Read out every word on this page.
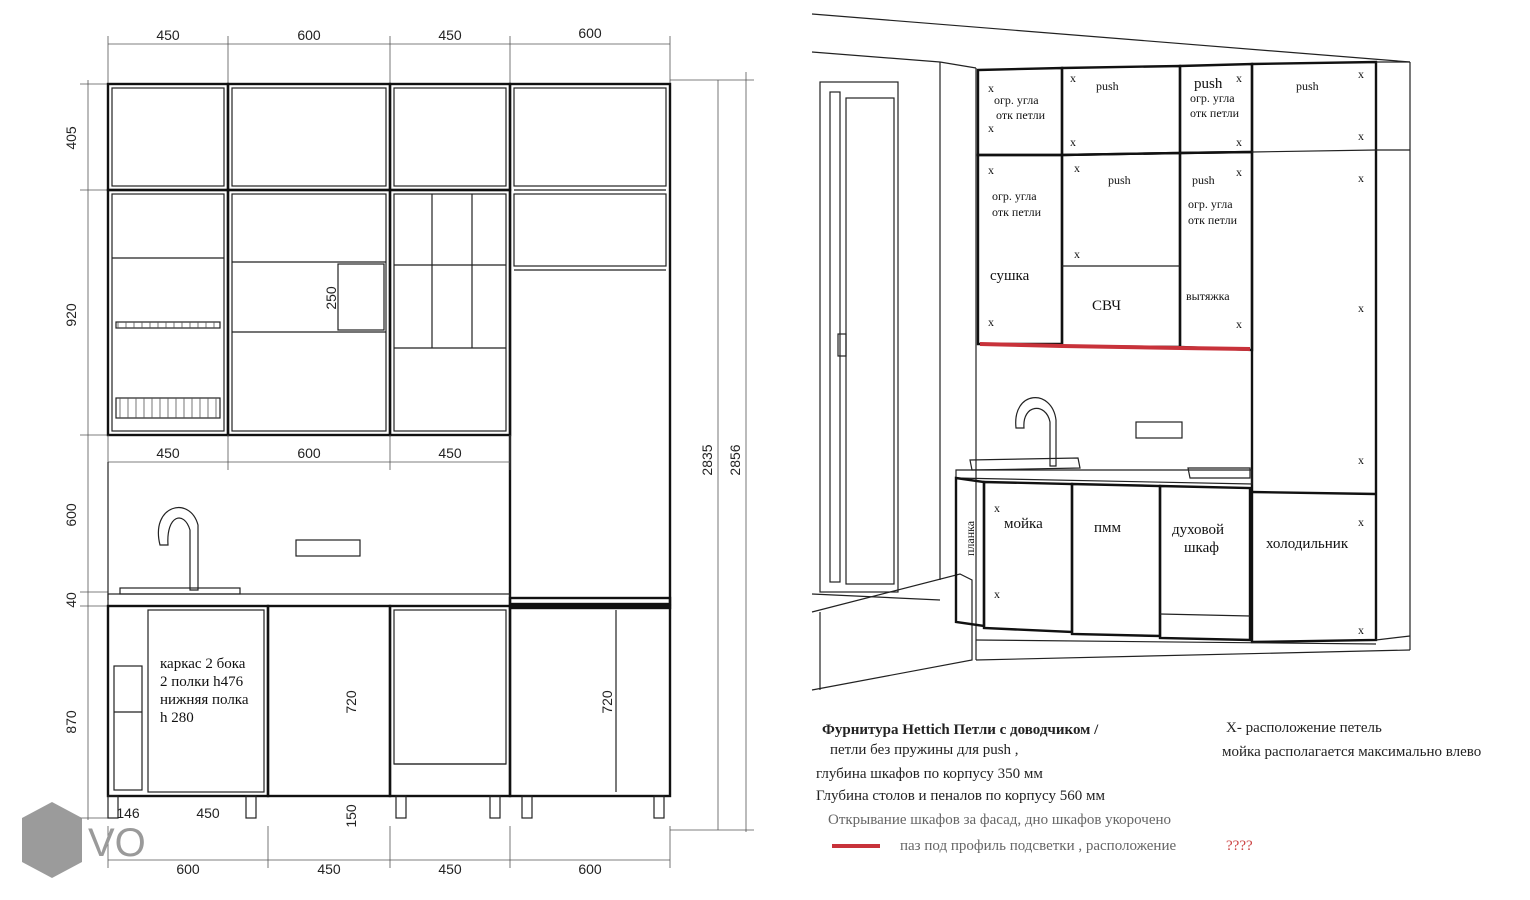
450	600	450	600
405
920
600
40
870
2835 2856
250
450	600	450
каркас 2 бока
2 полки h476
нижняя полка
h 280
720	720
150
146	450
600	450	450	600
VO
x
огр. угла
отк петли
x
x
push
x
push x
огр. угла
отк петли
x
push
x
x
x
огр. угла
отк петли
сушка
x
x
push
x
СВЧ
push
x
огр. угла
отк петли
вытяжка
x
x
x
x
планка
x
мойка
x
пмм	духовой
шкаф	холодильник
x
x
Фурнитура Hettich Петли с доводчиком /
петли без пружины для push ,
глубина шкафов по корпусу 350 мм
Глубина столов и пеналов по корпусу 560 мм
Открывание шкафов за фасад, дно шкафов укорочено
паз под профиль подсветки , расположение	????
X- расположение петель
мойка располагается максимально влево
